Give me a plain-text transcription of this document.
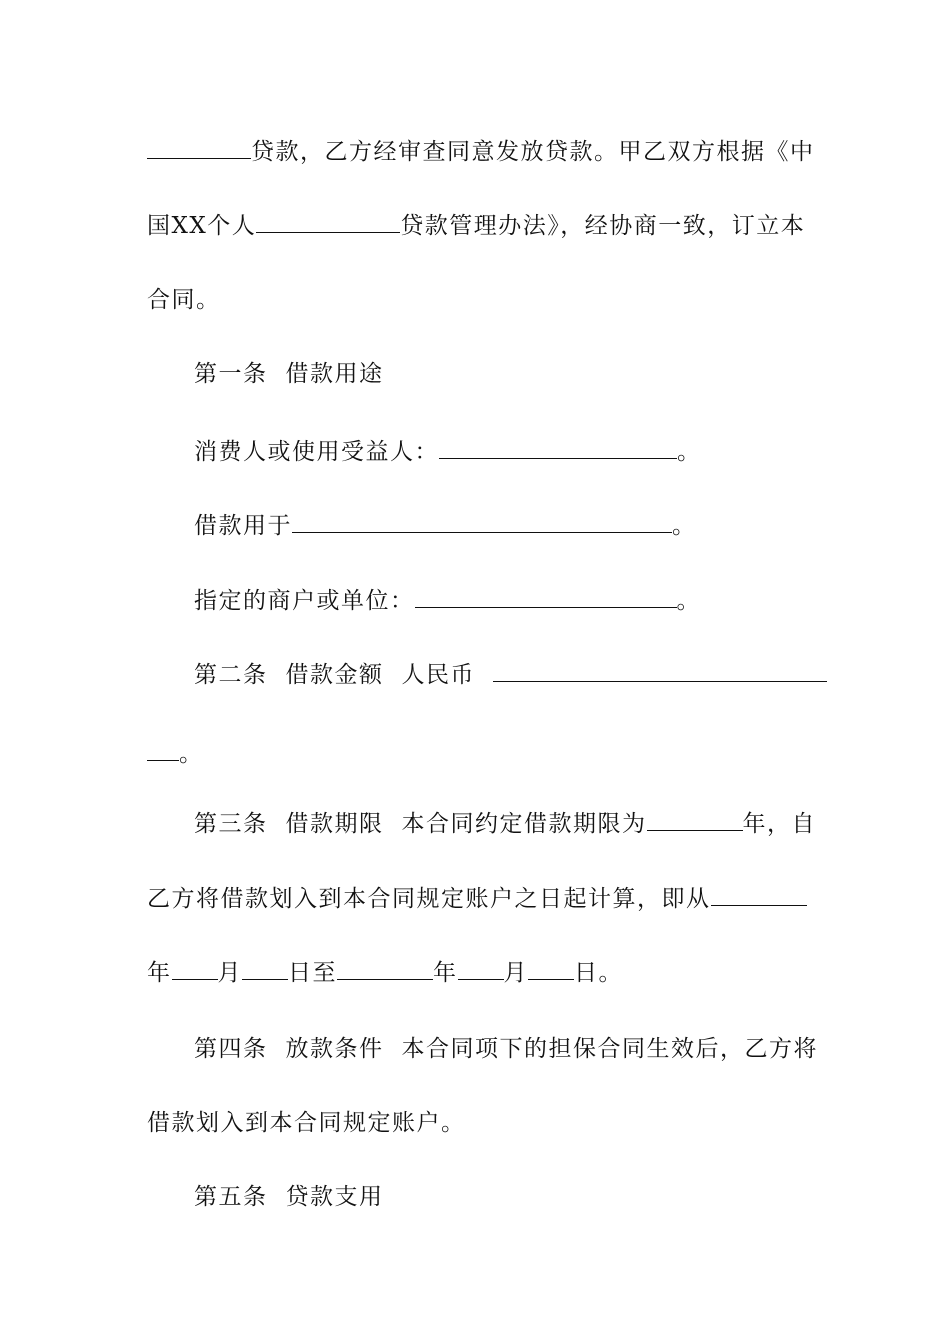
贷款，乙方经审查同意发放贷款。甲乙双方根据《中
国XX个人	贷款管理办法》，经协商一致，订立本
合同。
第一条 借款用途
消费人或使用受益人：	。
借款用于	。
指定的商户或单位：	。
第二条 借款金额 人民币
。
第三条 借款期限 本合同约定借款期限为	年，自
乙方将借款划入到本合同规定账户之日起计算，即从
年 月 日至	年 月 日。
第四条 放款条件 本合同项下的担保合同生效后，乙方将
借款划入到本合同规定账户。
第五条 贷款支用
